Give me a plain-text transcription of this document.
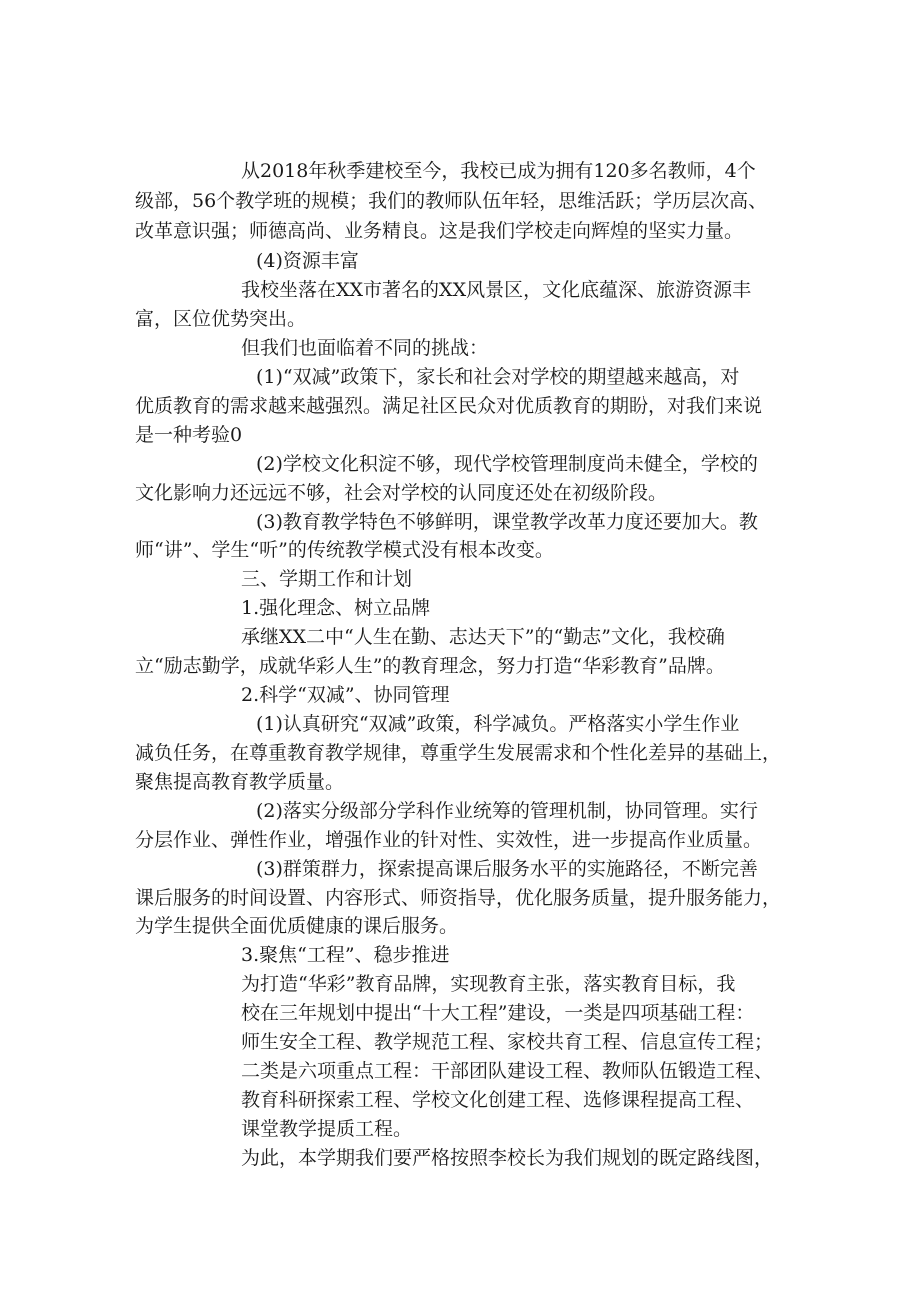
从2018年秋季建校至今，我校已成为拥有120多名教师，4个
级部，56个教学班的规模；我们的教师队伍年轻，思维活跃；学历层次高、
改革意识强；师德高尚、业务精良。这是我们学校走向辉煌的坚实力量。
(4)资源丰富
我校坐落在XX市著名的XX风景区，文化底蕴深、旅游资源丰
富，区位优势突出。
但我们也面临着不同的挑战：
(1)“双减”政策下，家长和社会对学校的期望越来越高，对
优质教育的需求越来越强烈。满足社区民众对优质教育的期盼，对我们来说
是一种考验0
(2)学校文化积淀不够，现代学校管理制度尚未健全，学校的
文化影响力还远远不够，社会对学校的认同度还处在初级阶段。
(3)教育教学特色不够鲜明，课堂教学改革力度还要加大。教
师“讲”、学生“听”的传统教学模式没有根本改变。
三、学期工作和计划
1.强化理念、树立品牌
承继XX二中“人生在勤、志达天下”的“勤志”文化，我校确
立“励志勤学，成就华彩人生”的教育理念，努力打造“华彩教育”品牌。
2.科学“双减”、协同管理
(1)认真研究“双减”政策，科学减负。严格落实小学生作业
减负任务，在尊重教育教学规律，尊重学生发展需求和个性化差异的基础上，
聚焦提高教育教学质量。
(2)落实分级部分学科作业统筹的管理机制，协同管理。实行
分层作业、弹性作业，增强作业的针对性、实效性，进一步提高作业质量。
(3)群策群力，探索提高课后服务水平的实施路径，不断完善
课后服务的时间设置、内容形式、师资指导，优化服务质量，提升服务能力，
为学生提供全面优质健康的课后服务。
3.聚焦“工程”、稳步推进
为打造“华彩”教育品牌，实现教育主张，落实教育目标，我
校在三年规划中提出“十大工程”建设，一类是四项基础工程：
师生安全工程、教学规范工程、家校共育工程、信息宣传工程；
二类是六项重点工程：干部团队建设工程、教师队伍锻造工程、
教育科研探索工程、学校文化创建工程、选修课程提高工程、
课堂教学提质工程。
为此，本学期我们要严格按照李校长为我们规划的既定路线图，
